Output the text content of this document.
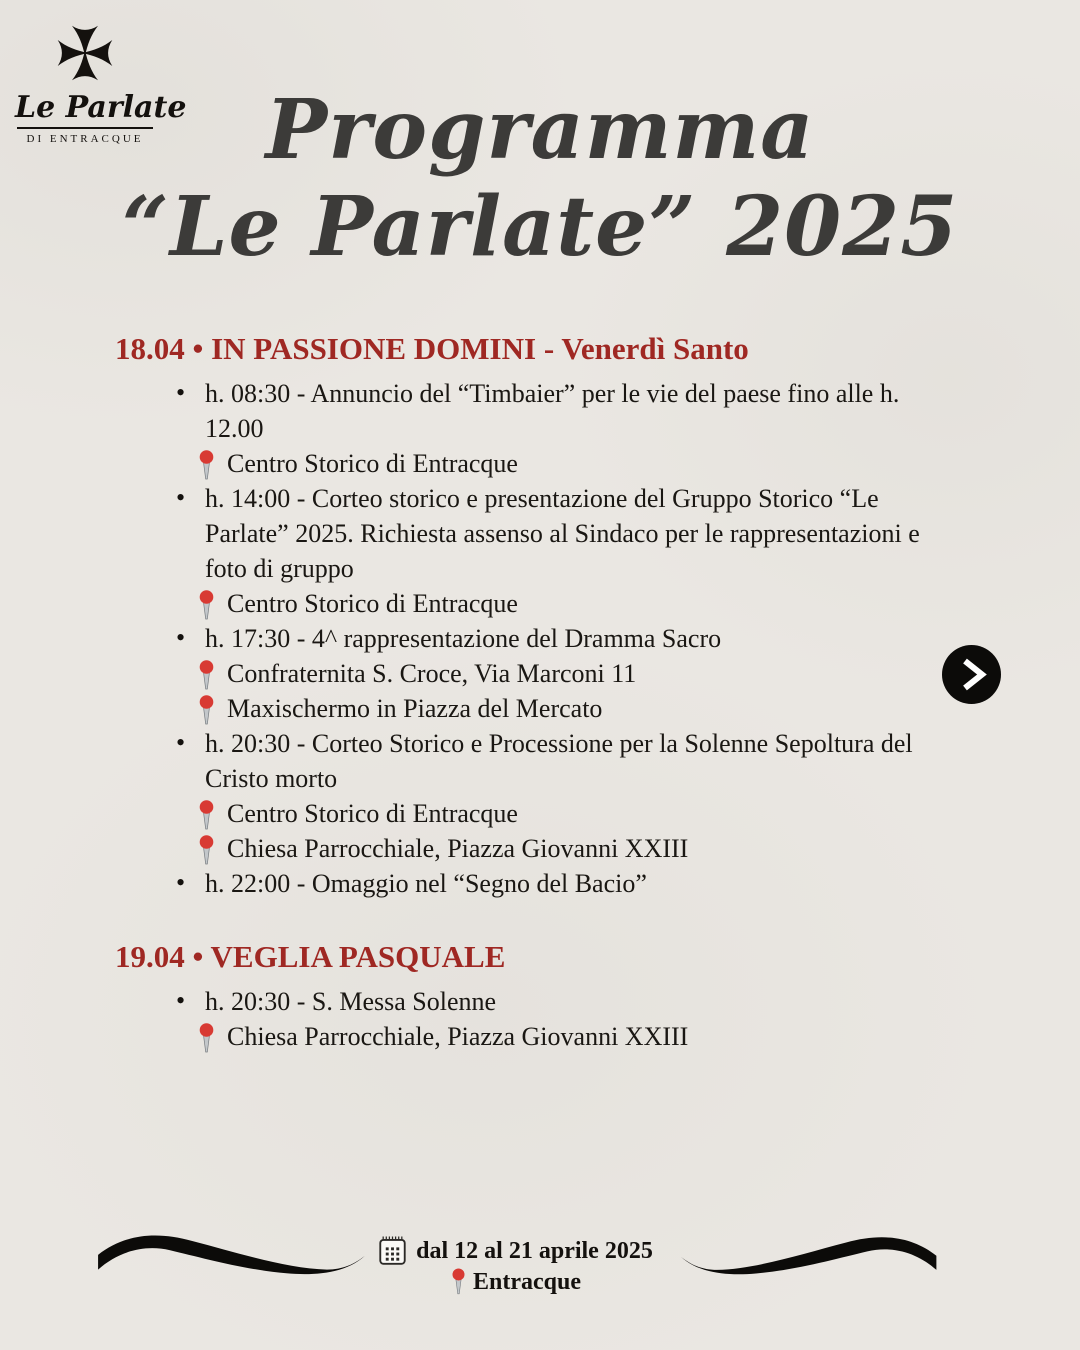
Le Parlate
DI ENTRACQUE	Programma
“Le Parlate” 2025
18.04 • IN PASSIONE DOMINI - Venerdì Santo
• h. 08:30 - Annuncio del “Timbaier” per le vie del paese fino alle h. 12.00
Centro Storico di Entracque
• h. 14:00 - Corteo storico e presentazione del Gruppo Storico “Le Parlate” 2025. Richiesta assenso al Sindaco per le rappresentazioni e foto di gruppo
Centro Storico di Entracque
• h. 17:30 - 4^ rappresentazione del Dramma Sacro
Confraternita S. Croce, Via Marconi 11
Maxischermo in Piazza del Mercato
• h. 20:30 - Corteo Storico e Processione per la Solenne Sepoltura del Cristo morto
Centro Storico di Entracque
Chiesa Parrocchiale, Piazza Giovanni XXIII
• h. 22:00 - Omaggio nel “Segno del Bacio”
19.04 • VEGLIA PASQUALE
• h. 20:30 - S. Messa Solenne
Chiesa Parrocchiale, Piazza Giovanni XXIII
dal 12 al 21 aprile 2025
Entracque
